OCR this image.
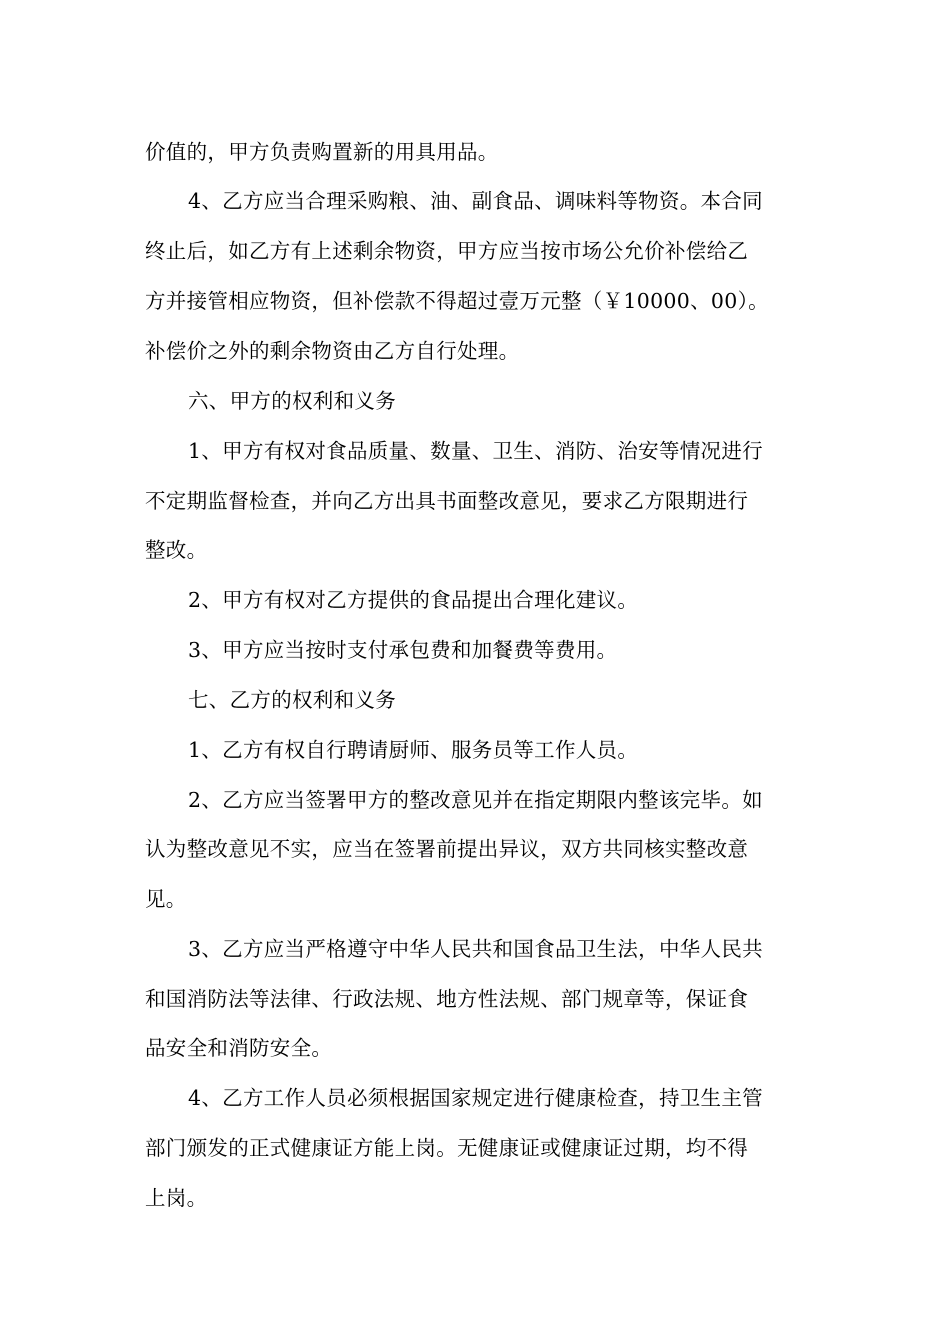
价值的，甲方负责购置新的用具用品。
4、乙方应当合理采购粮、油、副食品、调味料等物资。本合同
终止后，如乙方有上述剩余物资，甲方应当按市场公允价补偿给乙
方并接管相应物资，但补偿款不得超过壹万元整（￥10000、00）。
补偿价之外的剩余物资由乙方自行处理。
六、甲方的权利和义务
1、甲方有权对食品质量、数量、卫生、消防、治安等情况进行
不定期监督检查，并向乙方出具书面整改意见，要求乙方限期进行
整改。
2、甲方有权对乙方提供的食品提出合理化建议。
3、甲方应当按时支付承包费和加餐费等费用。
七、乙方的权利和义务
1、乙方有权自行聘请厨师、服务员等工作人员。
2、乙方应当签署甲方的整改意见并在指定期限内整该完毕。如
认为整改意见不实，应当在签署前提出异议，双方共同核实整改意
见。
3、乙方应当严格遵守中华人民共和国食品卫生法，中华人民共
和国消防法等法律、行政法规、地方性法规、部门规章等，保证食
品安全和消防安全。
4、乙方工作人员必须根据国家规定进行健康检查，持卫生主管
部门颁发的正式健康证方能上岗。无健康证或健康证过期，均不得
上岗。
